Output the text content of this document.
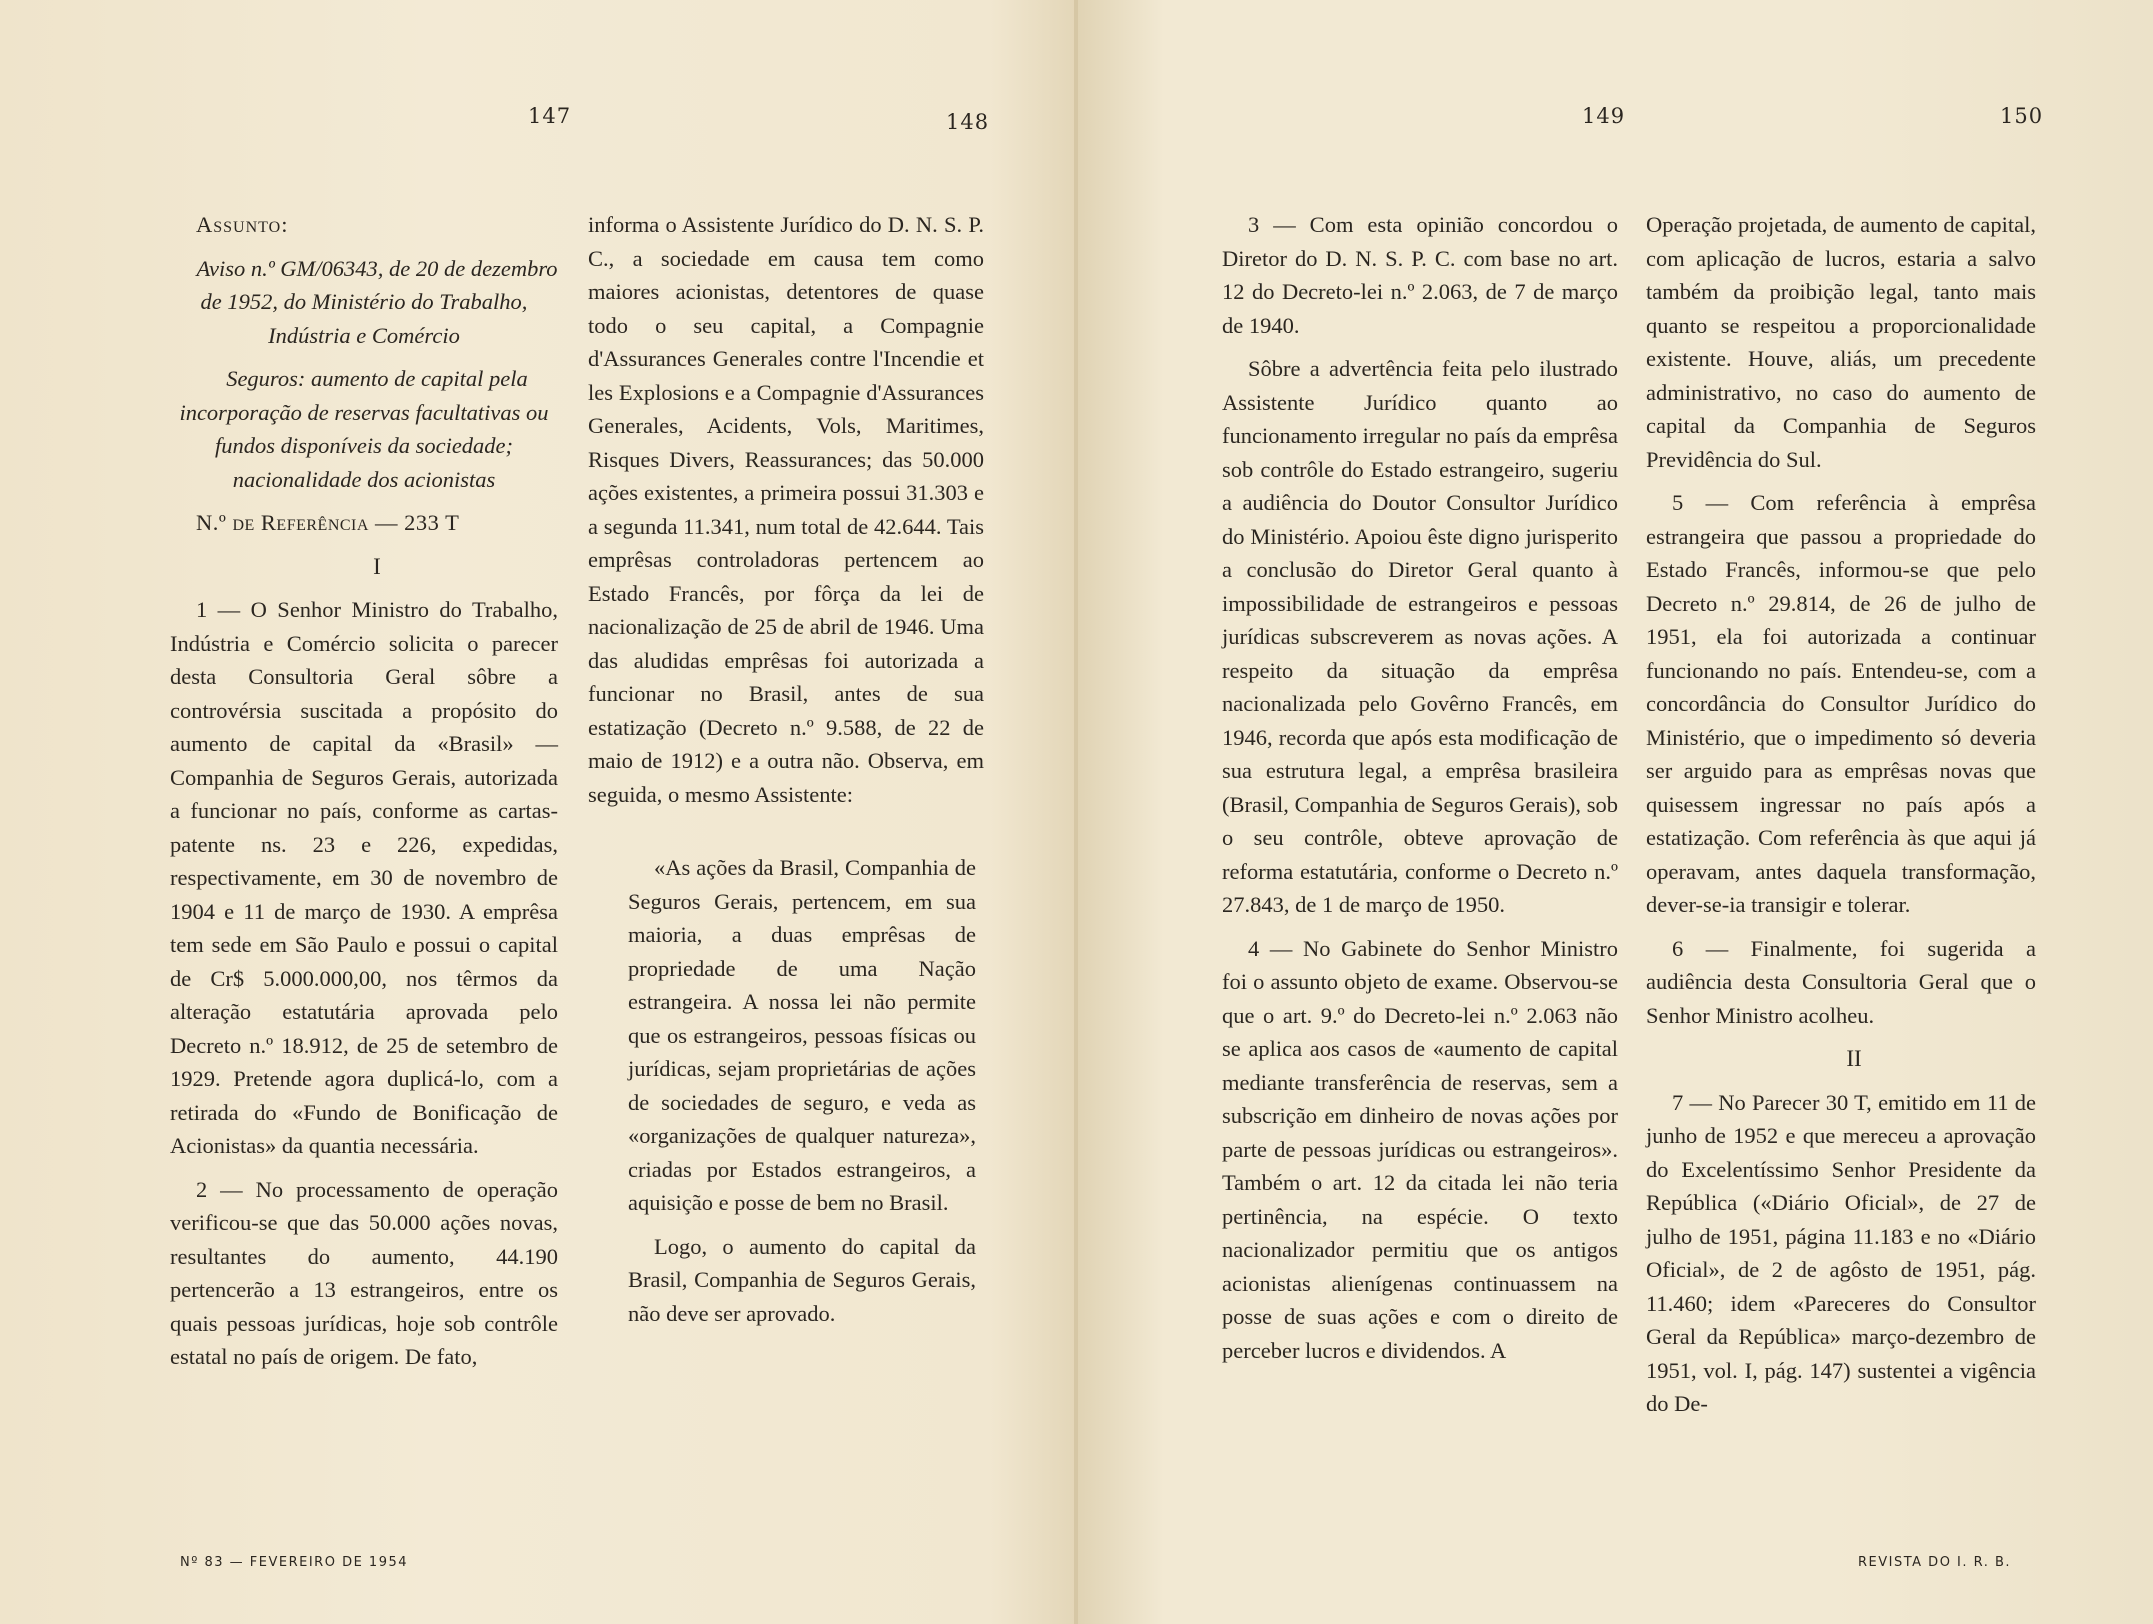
147	148

Assunto:

Aviso n.º GM/06343, de 20 de dezembro de 1952, do Ministério do Trabalho, Indústria e Comércio

Seguros: aumento de capital pela incorporação de reservas facultativas ou fundos disponíveis da sociedade; nacionalidade dos acionistas

N.º de Referência — 233 T

I

1 — O Senhor Ministro do Trabalho, Indústria e Comércio solicita o parecer desta Consultoria Geral sôbre a controvérsia suscitada a propósito do aumento de capital da «Brasil» — Companhia de Seguros Gerais, autorizada a funcionar no país, conforme as cartas-patente ns. 23 e 226, expedidas, respectivamente, em 30 de novembro de 1904 e 11 de março de 1930. A emprêsa tem sede em São Paulo e possui o capital de Cr$ 5.000.000,00, nos têrmos da alteração estatutária aprovada pelo Decreto n.º 18.912, de 25 de setembro de 1929. Pretende agora duplicá-lo, com a retirada do «Fundo de Bonificação de Acionistas» da quantia necessária.

2 — No processamento de operação verificou-se que das 50.000 ações novas, resultantes do aumento, 44.190 pertencerão a 13 estrangeiros, entre os quais pessoas jurídicas, hoje sob contrôle estatal no país de origem. De fato,

informa o Assistente Jurídico do D. N. S. P. C., a sociedade em causa tem como maiores acionistas, detentores de quase todo o seu capital, a Compagnie d'Assurances Generales contre l'Incendie et les Explosions e a Compagnie d'Assurances Generales, Acidents, Vols, Maritimes, Risques Divers, Reassurances; das 50.000 ações existentes, a primeira possui 31.303 e a segunda 11.341, num total de 42.644. Tais emprêsas controladoras pertencem ao Estado Francês, por fôrça da lei de nacionalização de 25 de abril de 1946. Uma das aludidas emprêsas foi autorizada a funcionar no Brasil, antes de sua estatização (Decreto n.º 9.588, de 22 de maio de 1912) e a outra não. Observa, em seguida, o mesmo Assistente:

«As ações da Brasil, Companhia de Seguros Gerais, pertencem, em sua maioria, a duas emprêsas de propriedade de uma Nação estrangeira. A nossa lei não permite que os estrangeiros, pessoas físicas ou jurídicas, sejam proprietárias de ações de sociedades de seguro, e veda as «organizações de qualquer natureza», criadas por Estados estrangeiros, a aquisição e posse de bem no Brasil.

Logo, o aumento do capital da Brasil, Companhia de Seguros Gerais, não deve ser aprovado.

Nº 83 — FEVEREIRO DE 1954
149	150

3 — Com esta opinião concordou o Diretor do D. N. S. P. C. com base no art. 12 do Decreto-lei n.º 2.063, de 7 de março de 1940.

Sôbre a advertência feita pelo ilustrado Assistente Jurídico quanto ao funcionamento irregular no país da emprêsa sob contrôle do Estado estrangeiro, sugeriu a audiência do Doutor Consultor Jurídico do Ministério. Apoiou êste digno jurisperito a conclusão do Diretor Geral quanto à impossibilidade de estrangeiros e pessoas jurídicas subscreverem as novas ações. A respeito da situação da emprêsa nacionalizada pelo Govêrno Francês, em 1946, recorda que após esta modificação de sua estrutura legal, a emprêsa brasileira (Brasil, Companhia de Seguros Gerais), sob o seu contrôle, obteve aprovação de reforma estatutária, conforme o Decreto n.º 27.843, de 1 de março de 1950.

4 — No Gabinete do Senhor Ministro foi o assunto objeto de exame. Observou-se que o art. 9.º do Decreto-lei n.º 2.063 não se aplica aos casos de «aumento de capital mediante transferência de reservas, sem a subscrição em dinheiro de novas ações por parte de pessoas jurídicas ou estrangeiros». Também o art. 12 da citada lei não teria pertinência, na espécie. O texto nacionalizador permitiu que os antigos acionistas alienígenas continuassem na posse de suas ações e com o direito de perceber lucros e dividendos. A

Operação projetada, de aumento de capital, com aplicação de lucros, estaria a salvo também da proibição legal, tanto mais quanto se respeitou a proporcionalidade existente. Houve, aliás, um precedente administrativo, no caso do aumento de capital da Companhia de Seguros Previdência do Sul.

5 — Com referência à emprêsa estrangeira que passou a propriedade do Estado Francês, informou-se que pelo Decreto n.º 29.814, de 26 de julho de 1951, ela foi autorizada a continuar funcionando no país. Entendeu-se, com a concordância do Consultor Jurídico do Ministério, que o impedimento só deveria ser arguido para as emprêsas novas que quisessem ingressar no país após a estatização. Com referência às que aqui já operavam, antes daquela transformação, dever-se-ia transigir e tolerar.

6 — Finalmente, foi sugerida a audiência desta Consultoria Geral que o Senhor Ministro acolheu.

II

7 — No Parecer 30 T, emitido em 11 de junho de 1952 e que mereceu a aprovação do Excelentíssimo Senhor Presidente da República («Diário Oficial», de 27 de julho de 1951, página 11.183 e no «Diário Oficial», de 2 de agôsto de 1951, pág. 11.460; idem «Pareceres do Consultor Geral da República» março-dezembro de 1951, vol. I, pág. 147) sustentei a vigência do De-

REVISTA DO I. R. B.
